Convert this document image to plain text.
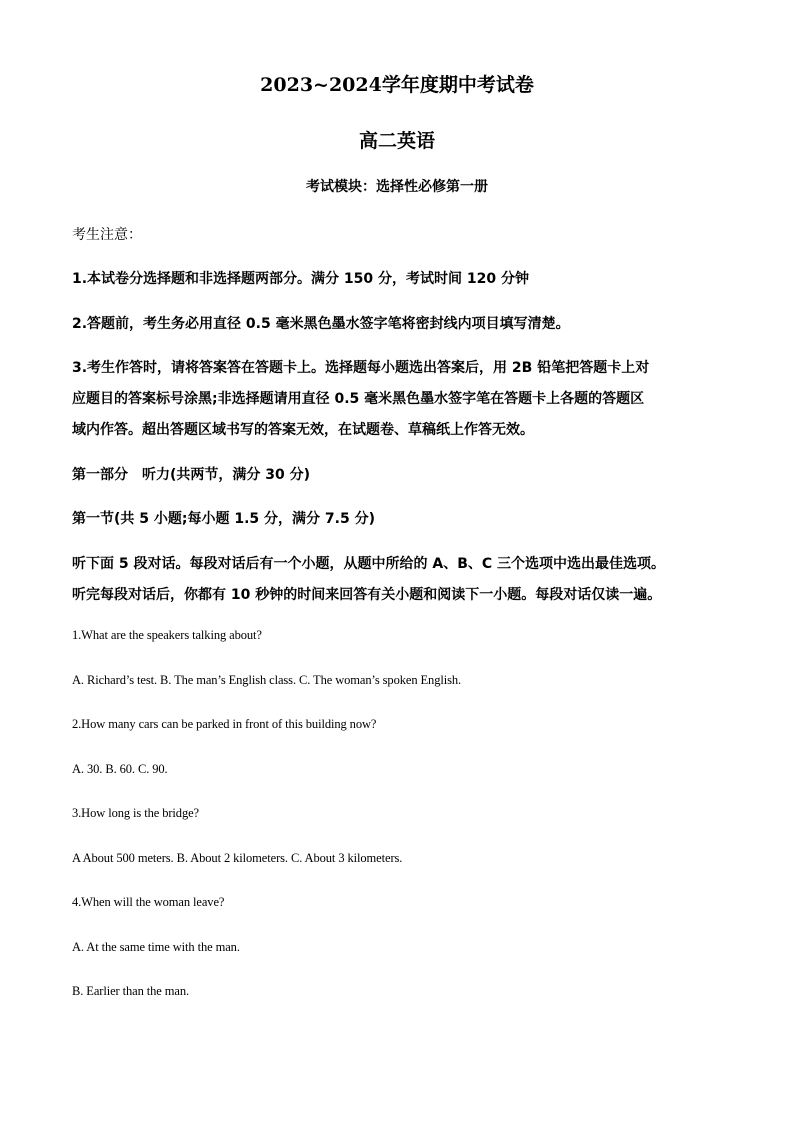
2023~2024学年度期中考试卷
高二英语
考试模块：选择性必修第一册
考生注意：
1.本试卷分选择题和非选择题两部分。满分 150 分，考试时间 120 分钟
2.答题前，考生务必用直径 0.5 毫米黑色墨水签字笔将密封线内项目填写清楚。
3.考生作答时，请将答案答在答题卡上。选择题每小题选出答案后，用 2B 铅笔把答题卡上对
应题目的答案标号涂黑;非选择题请用直径 0.5 毫米黑色墨水签字笔在答题卡上各题的答题区
域内作答。超出答题区域书写的答案无效，在试题卷、草稿纸上作答无效。
第一部分　听力(共两节，满分 30 分)
第一节(共 5 小题;每小题 1.5 分，满分 7.5 分)
听下面 5 段对话。每段对话后有一个小题，从题中所给的 A、B、C 三个选项中选出最佳选项。
听完每段对话后，你都有 10 秒钟的时间来回答有关小题和阅读下一小题。每段对话仅读一遍。
1.What are the speakers talking about?
A. Richard’s test. B. The man’s English class. C. The woman’s spoken English.
2.How many cars can be parked in front of this building now?
A. 30. B. 60. C. 90.
3.How long is the bridge?
A About 500 meters. B. About 2 kilometers. C. About 3 kilometers.
4.When will the woman leave?
A. At the same time with the man.
B. Earlier than the man.
